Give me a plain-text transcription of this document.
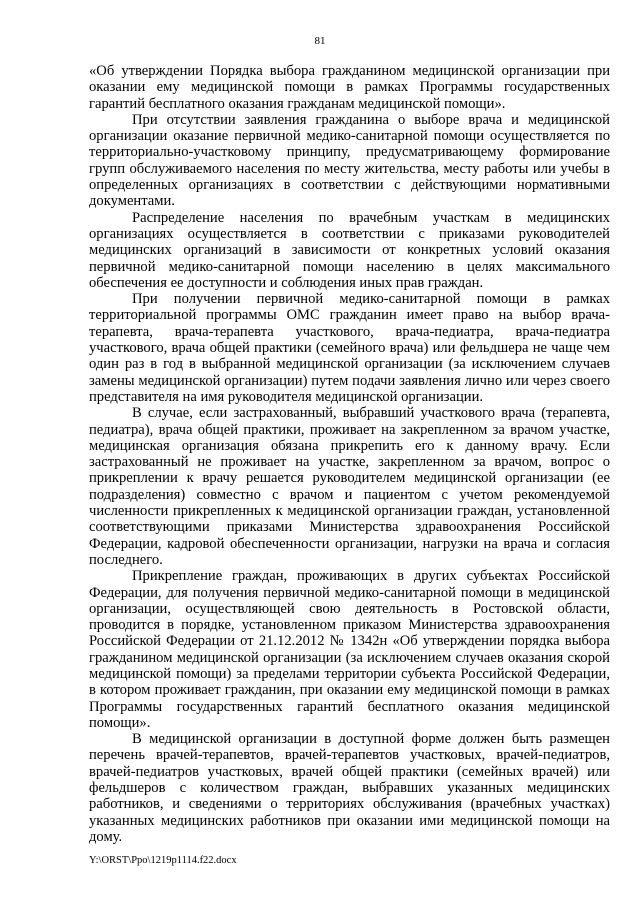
81

«Об утверждении Порядка выбора гражданином медицинской организации при оказании ему медицинской помощи в рамках Программы государственных гарантий бесплатного оказания гражданам медицинской помощи».

При отсутствии заявления гражданина о выборе врача и медицинской организации оказание первичной медико-санитарной помощи осуществляется по территориально-участковому принципу, предусматривающему формирование групп обслуживаемого населения по месту жительства, месту работы или учебы в определенных организациях в соответствии с действующими нормативными документами.

Распределение населения по врачебным участкам в медицинских организациях осуществляется в соответствии с приказами руководителей медицинских организаций в зависимости от конкретных условий оказания первичной медико-санитарной помощи населению в целях максимального обеспечения ее доступности и соблюдения иных прав граждан.

При получении первичной медико-санитарной помощи в рамках территориальной программы ОМС гражданин имеет право на выбор врача-терапевта, врача-терапевта участкового, врача-педиатра, врача-педиатра участкового, врача общей практики (семейного врача) или фельдшера не чаще чем один раз в год в выбранной медицинской организации (за исключением случаев замены медицинской организации) путем подачи заявления лично или через своего представителя на имя руководителя медицинской организации.

В случае, если застрахованный, выбравший участкового врача (терапевта, педиатра), врача общей практики, проживает на закрепленном за врачом участке, медицинская организация обязана прикрепить его к данному врачу. Если застрахованный не проживает на участке, закрепленном за врачом, вопрос о прикреплении к врачу решается руководителем медицинской организации (ее подразделения) совместно с врачом и пациентом с учетом рекомендуемой численности прикрепленных к медицинской организации граждан, установленной соответствующими приказами Министерства здравоохранения Российской Федерации, кадровой обеспеченности организации, нагрузки на врача и согласия последнего.

Прикрепление граждан, проживающих в других субъектах Российской Федерации, для получения первичной медико-санитарной помощи в медицинской организации, осуществляющей свою деятельность в Ростовской области, проводится в порядке, установленном приказом Министерства здравоохранения Российской Федерации от 21.12.2012 № 1342н «Об утверждении порядка выбора гражданином медицинской организации (за исключением случаев оказания скорой медицинской помощи) за пределами территории субъекта Российской Федерации, в котором проживает гражданин, при оказании ему медицинской помощи в рамках Программы государственных гарантий бесплатного оказания медицинской помощи».

В медицинской организации в доступной форме должен быть размещен перечень врачей-терапевтов, врачей-терапевтов участковых, врачей-педиатров, врачей-педиатров участковых, врачей общей практики (семейных врачей) или фельдшеров с количеством граждан, выбравших указанных медицинских работников, и сведениями о территориях обслуживания (врачебных участках) указанных медицинских работников при оказании ими медицинской помощи на дому.

Y:\ORST\Ppo\1219p1114.f22.docx
